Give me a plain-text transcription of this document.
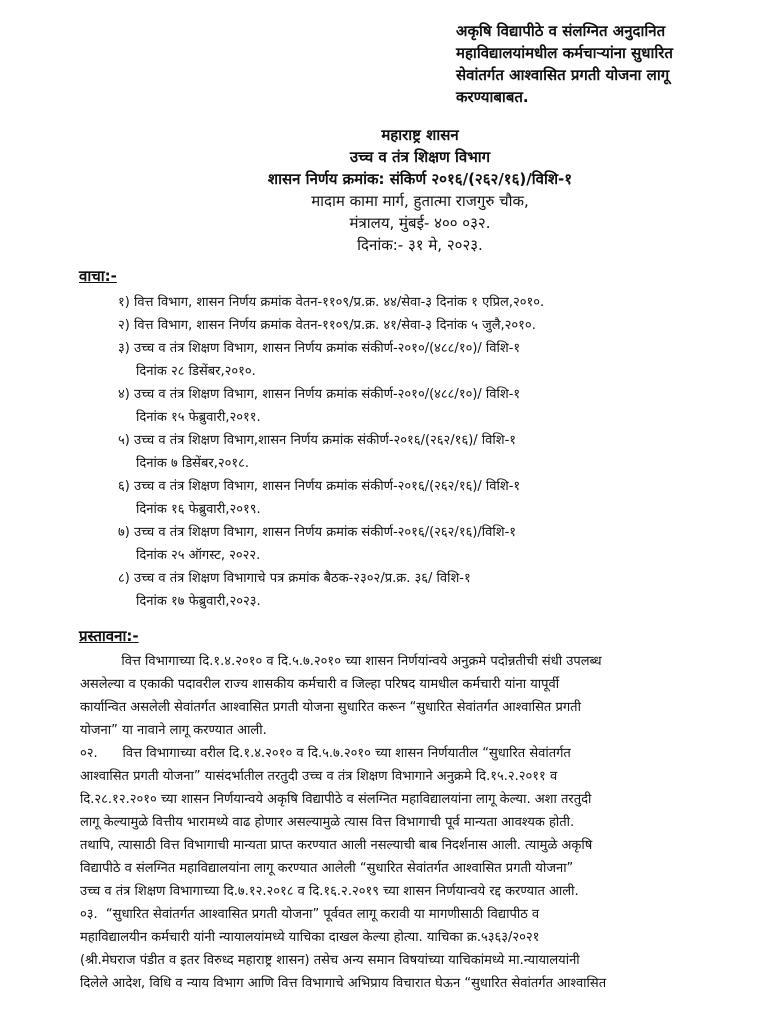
अकृषि विद्यापीठे व संलग्नित अनुदानित
महाविद्यालयांमधील कर्मचाऱ्यांना सुधारित
सेवांतर्गत आश्वासित प्रगती योजना लागू
करण्याबाबत.
महाराष्ट्र शासन
उच्च व तंत्र शिक्षण विभाग
शासन निर्णय क्रमांक: संकिर्ण २०१६/(२६२/१६)/विशि-१
मादाम कामा मार्ग, हुतात्मा राजगुरु चौक,
मंत्रालय, मुंबई- ४०० ०३२.
दिनांक:- ३१ मे, २०२३.
वाचा:-
१) वित्त विभाग, शासन निर्णय क्रमांक वेतन-११०९/प्र.क्र. ४४/सेवा-३ दिनांक १ एप्रिल,२०१०.
२) वित्त विभाग, शासन निर्णय क्रमांक वेतन-११०९/प्र.क्र. ४१/सेवा-३ दिनांक ५ जुलै,२०१०.
३) उच्च व तंत्र शिक्षण विभाग, शासन निर्णय क्रमांक संकीर्ण-२०१०/(४८८/१०)/ विशि-१
दिनांक २८ डिसेंबर,२०१०.
४) उच्च व तंत्र शिक्षण विभाग, शासन निर्णय क्रमांक संकीर्ण-२०१०/(४८८/१०)/ विशि-१
दिनांक १५ फेब्रुवारी,२०११.
५) उच्च व तंत्र शिक्षण विभाग,शासन निर्णय क्रमांक संकीर्ण-२०१६/(२६२/१६)/ विशि-१
दिनांक ७ डिसेंबर,२०१८.
६) उच्च व तंत्र शिक्षण विभाग, शासन निर्णय क्रमांक संकीर्ण-२०१६/(२६२/१६)/ विशि-१
दिनांक १६ फेब्रुवारी,२०१९.
७) उच्च व तंत्र शिक्षण विभाग, शासन निर्णय क्रमांक संकीर्ण-२०१६/(२६२/१६)/विशि-१
दिनांक २५ ऑगस्ट, २०२२.
८) उच्च व तंत्र शिक्षण विभागाचे पत्र क्रमांक बैठक-२३०२/प्र.क्र. ३६/ विशि-१
दिनांक १७ फेब्रुवारी,२०२३.
प्रस्तावना:-
वित्त विभागाच्या दि.१.४.२०१० व दि.५.७.२०१० च्या शासन निर्णयांन्वये अनुक्रमे पदोन्नतीची संधी उपलब्ध
असलेल्या व एकाकी पदावरील राज्य शासकीय कर्मचारी व जिल्हा परिषद यामधील कर्मचारी यांना यापूर्वी
कार्यान्वित असलेली सेवांतर्गत आश्वासित प्रगती योजना सुधारित करून “सुधारित सेवांतर्गत आश्वासित प्रगती
योजना” या नावाने लागू करण्यात आली.
०२.      वित्त विभागाच्या वरील दि.१.४.२०१० व दि.५.७.२०१० च्या शासन निर्णयातील “सुधारित सेवांतर्गत
आश्वासित प्रगती योजना” यासंदर्भातील तरतुदी उच्च व तंत्र शिक्षण विभागाने अनुक्रमे दि.१५.२.२०११ व
दि.२८.१२.२०१० च्या शासन निर्णयान्वये अकृषि विद्यापीठे व संलग्नित महाविद्यालयांना लागू केल्या. अशा तरतुदी
लागू केल्यामुळे वित्तीय भारामध्ये वाढ होणार असल्यामुळे त्यास वित्त विभागाची पूर्व मान्यता आवश्यक होती.
तथापि, त्यासाठी वित्त विभागाची मान्यता प्राप्त करण्यात आली नसल्याची बाब निदर्शनास आली. त्यामुळे अकृषि
विद्यापीठे व संलग्नित महाविद्यालयांना लागू करण्यात आलेली “सुधारित सेवांतर्गत आश्वासित प्रगती योजना”
उच्च व तंत्र शिक्षण विभागाच्या दि.७.१२.२०१८ व दि.१६.२.२०१९ च्या शासन निर्णयान्वये रद्द करण्यात आली.
०३.  “सुधारित सेवांतर्गत आश्वासित प्रगती योजना” पूर्ववत लागू करावी या मागणीसाठी विद्यापीठ व
महाविद्यालयीन कर्मचारी यांनी न्यायालयांमध्ये याचिका दाखल केल्या होत्या. याचिका क्र.५३६३/२०२१
(श्री.मेघराज पंडीत व इतर विरुध्द महाराष्ट्र शासन) तसेच अन्य समान विषयांच्या याचिकांमध्ये मा.न्यायालयांनी
दिलेले आदेश, विधि व न्याय विभाग आणि वित्त विभागाचे अभिप्राय विचारात घेऊन “सुधारित सेवांतर्गत आश्वासित
